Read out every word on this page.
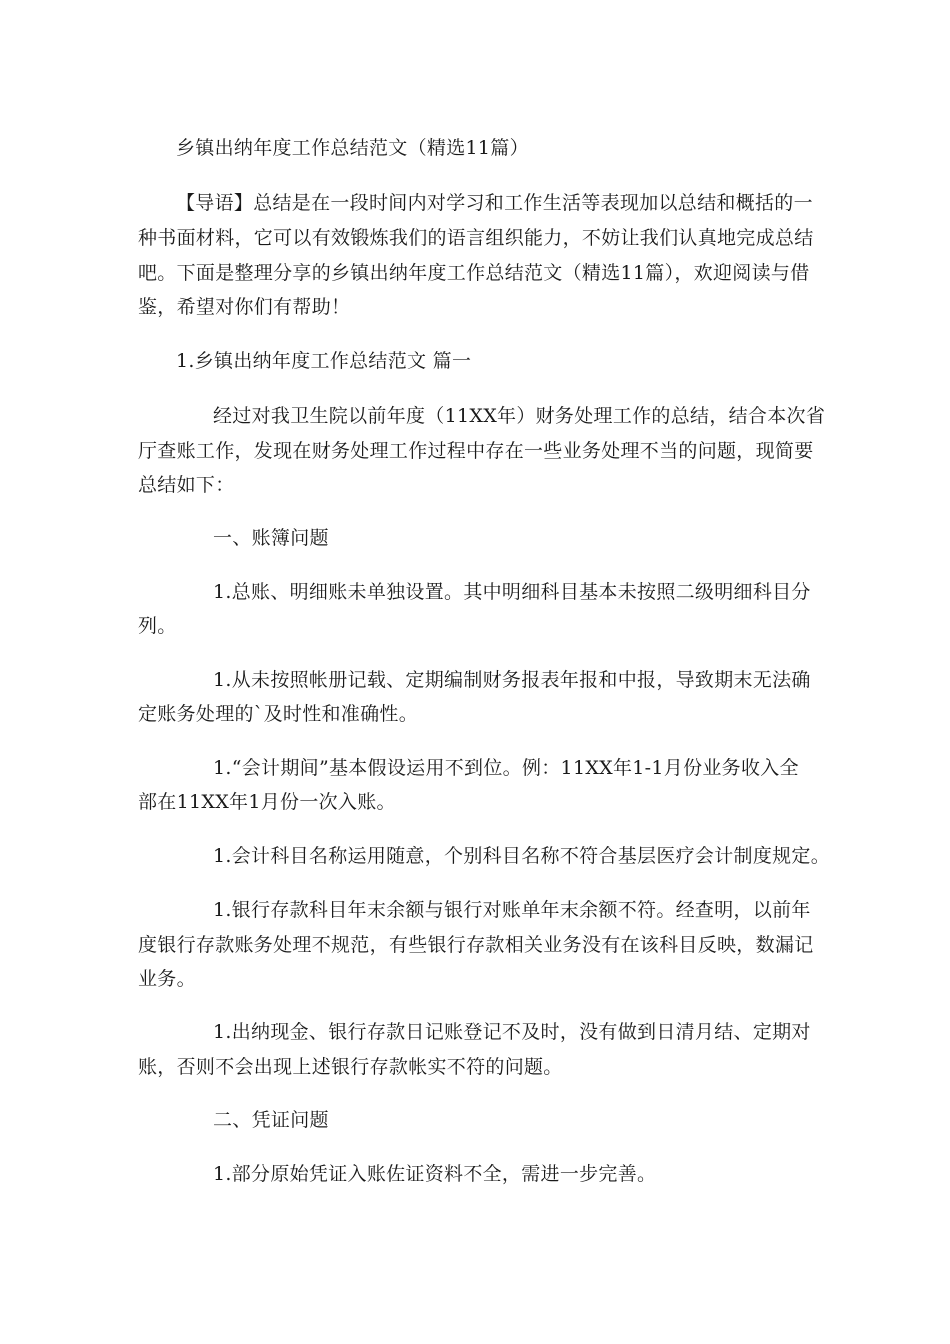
乡镇出纳年度工作总结范文（精选11篇）
【导语】总结是在一段时间内对学习和工作生活等表现加以总结和概括的一
种书面材料，它可以有效锻炼我们的语言组织能力，不妨让我们认真地完成总结
吧。下面是整理分享的乡镇出纳年度工作总结范文（精选11篇），欢迎阅读与借
鉴，希望对你们有帮助！
1.乡镇出纳年度工作总结范文 篇一
经过对我卫生院以前年度（11XX年）财务处理工作的总结，结合本次省
厅查账工作，发现在财务处理工作过程中存在一些业务处理不当的问题，现简要
总结如下：
一、账簿问题
1.总账、明细账未单独设置。其中明细科目基本未按照二级明细科目分
列。
1.从未按照帐册记载、定期编制财务报表年报和中报，导致期末无法确
定账务处理的`及时性和准确性。
1.“会计期间”基本假设运用不到位。例：11XX年1-1月份业务收入全
部在11XX年1月份一次入账。
1.会计科目名称运用随意，个别科目名称不符合基层医疗会计制度规定。
1.银行存款科目年末余额与银行对账单年末余额不符。经查明，以前年
度银行存款账务处理不规范，有些银行存款相关业务没有在该科目反映，数漏记
业务。
1.出纳现金、银行存款日记账登记不及时，没有做到日清月结、定期对
账，否则不会出现上述银行存款帐实不符的问题。
二、凭证问题
1.部分原始凭证入账佐证资料不全，需进一步完善。
